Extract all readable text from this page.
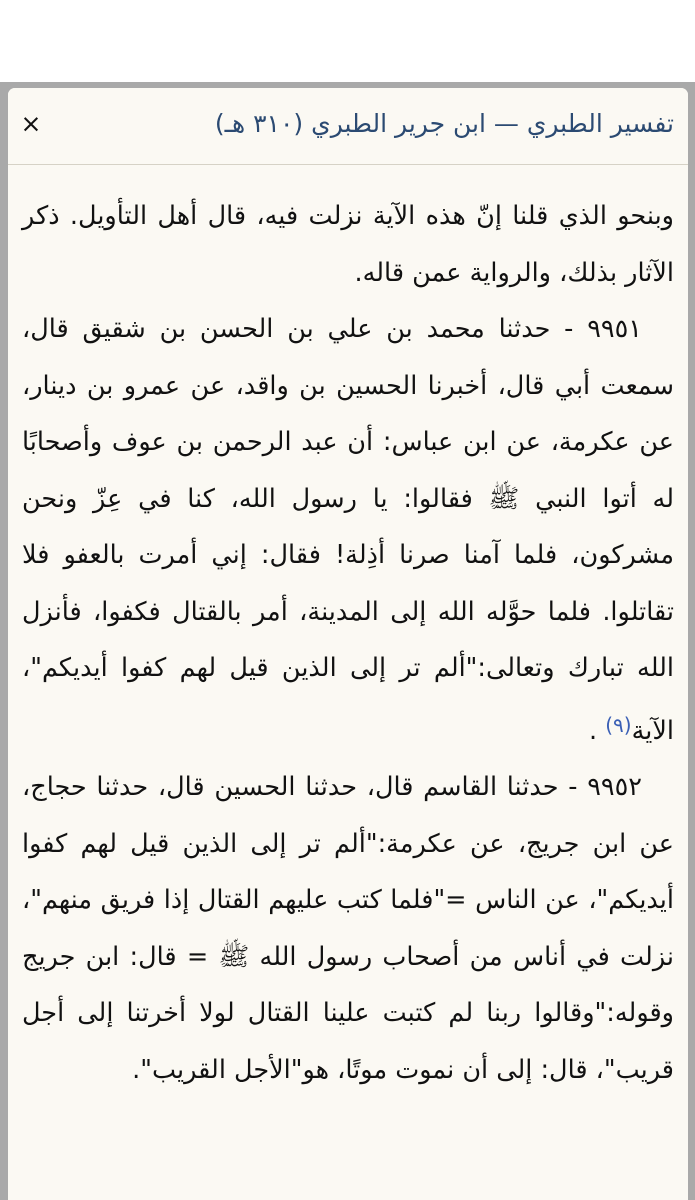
×	تفسير الطبري — ابن جرير الطبري (٣١٠ هـ)

وبنحو الذي قلنا إنّ هذه الآية نزلت فيه، قال أهل التأويل. ذكر الآثار بذلك، والرواية عمن قاله.

٩٩٥١ - حدثنا محمد بن علي بن الحسن بن شقيق قال، سمعت أبي قال، أخبرنا الحسين بن واقد، عن عمرو بن دينار، عن عكرمة، عن ابن عباس: أن عبد الرحمن بن عوف وأصحابًا له أتوا النبي ﷺ فقالوا: يا رسول الله، كنا في عِزّ ونحن مشركون، فلما آمنا صرنا أذِلة! فقال: إني أمرت بالعفو فلا تقاتلوا. فلما حوَّله الله إلى المدينة، أمر بالقتال فكفوا، فأنزل الله تبارك وتعالى:"ألم تر إلى الذين قيل لهم كفوا أيديكم"، الآية$^{(٩)}$ .

٩٩٥٢ - حدثنا القاسم قال، حدثنا الحسين قال، حدثنا حجاج، عن ابن جريج، عن عكرمة:"ألم تر إلى الذين قيل لهم كفوا أيديكم"، عن الناس ="فلما كتب عليهم القتال إذا فريق منهم"، نزلت في أناس من أصحاب رسول الله ﷺ = قال: ابن جريج وقوله:"وقالوا ربنا لم كتبت علينا القتال لولا أخرتنا إلى أجل قريب"، قال: إلى أن نموت موتًا، هو"الأجل القريب".
